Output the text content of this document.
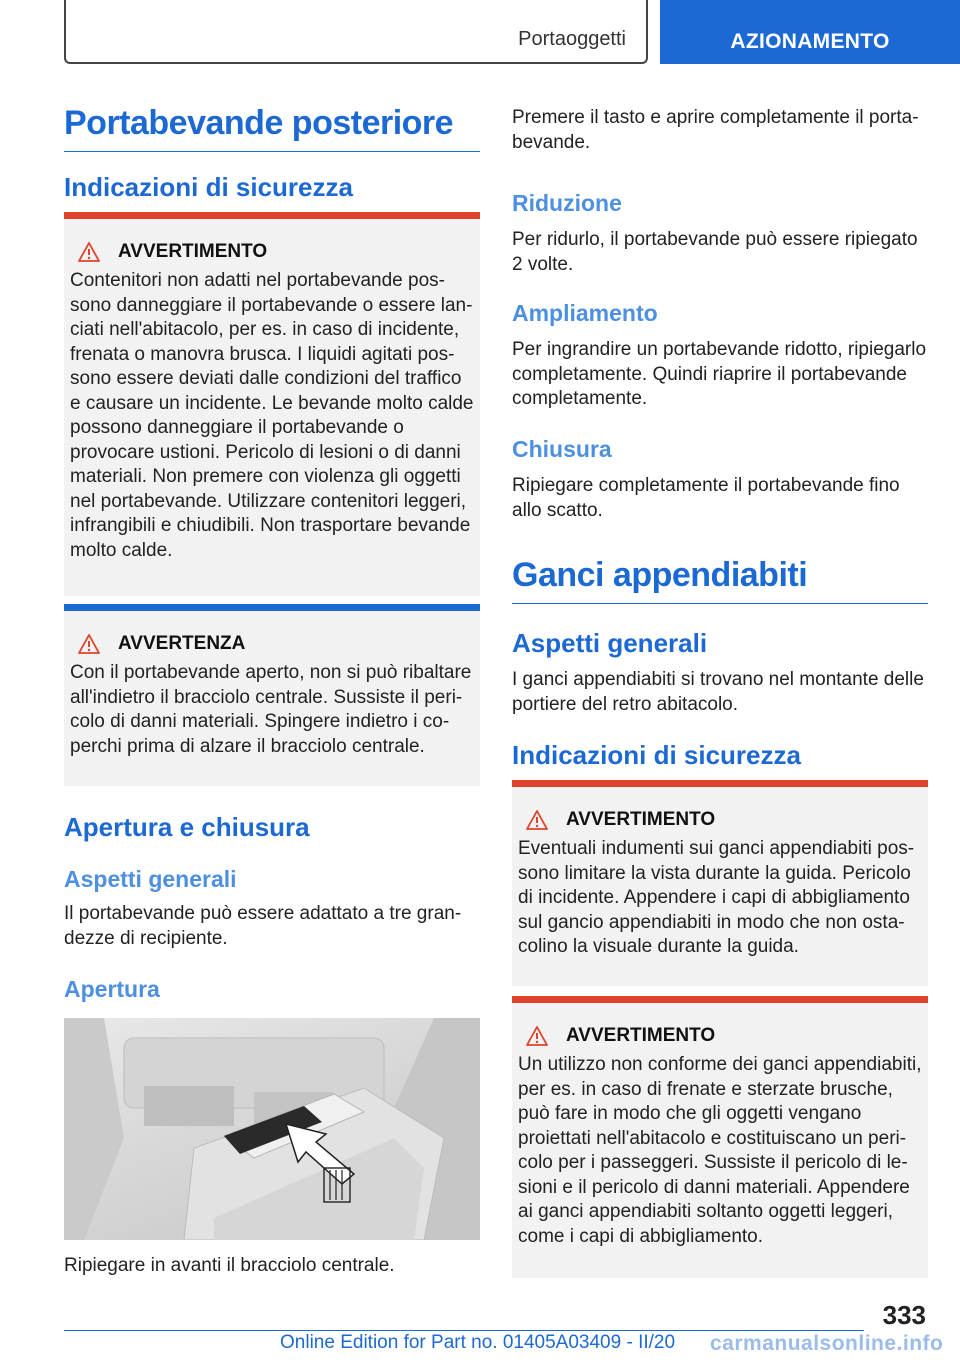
Portaoggetti	AZIONAMENTO
Portabevande posteriore
Indicazioni di sicurezza
AVVERTIMENTO
Contenitori non adatti nel portabevande possono danneggiare il portabevande o essere lanciati nell'abitacolo, per es. in caso di incidente, frenata o manovra brusca. I liquidi agitati possono essere deviati dalle condizioni del traffico e causare un incidente. Le bevande molto calde possono danneggiare il portabevande o provocare ustioni. Pericolo di lesioni o di danni materiali. Non premere con violenza gli oggetti nel portabevande. Utilizzare contenitori leggeri, infrangibili e chiudibili. Non trasportare bevande molto calde.
AVVERTENZA
Con il portabevande aperto, non si può ribaltare all'indietro il bracciolo centrale. Sussiste il pericolo di danni materiali. Spingere indietro i coperchi prima di alzare il bracciolo centrale.
Apertura e chiusura
Aspetti generali
Il portabevande può essere adattato a tre grandezze di recipiente.
Apertura
Ripiegare in avanti il bracciolo centrale.
Premere il tasto e aprire completamente il portabevande.
Riduzione
Per ridurlo, il portabevande può essere ripiegato 2 volte.
Ampliamento
Per ingrandire un portabevande ridotto, ripiegarlo completamente. Quindi riaprire il portabevande completamente.
Chiusura
Ripiegare completamente il portabevande fino allo scatto.
Ganci appendiabiti
Aspetti generali
I ganci appendiabiti si trovano nel montante delle portiere del retro abitacolo.
Indicazioni di sicurezza
AVVERTIMENTO
Eventuali indumenti sui ganci appendiabiti possono limitare la vista durante la guida. Pericolo di incidente. Appendere i capi di abbigliamento sul gancio appendiabiti in modo che non ostacolino la visuale durante la guida.
AVVERTIMENTO
Un utilizzo non conforme dei ganci appendiabiti, per es. in caso di frenate e sterzate brusche, può fare in modo che gli oggetti vengano proiettati nell'abitacolo e costituiscano un pericolo per i passeggeri. Sussiste il pericolo di lesioni e il pericolo di danni materiali. Appendere ai ganci appendiabiti soltanto oggetti leggeri, come i capi di abbigliamento.
333
Online Edition for Part no. 01405A03409 - II/20 carmanualsonline.info
